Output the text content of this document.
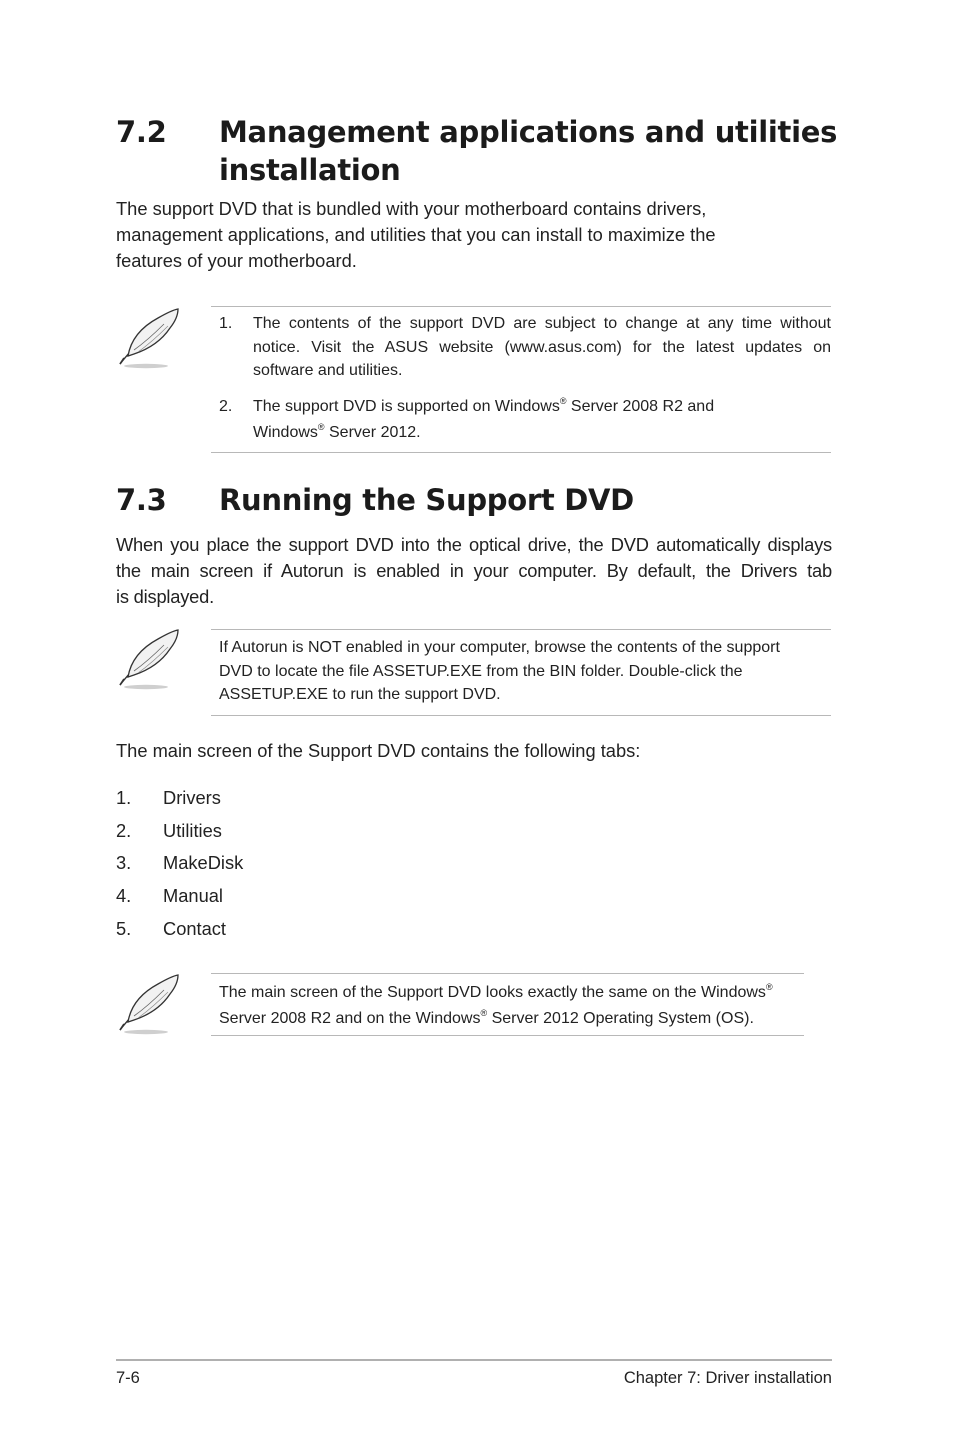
7.2 Management applications and utilities
installation
The support DVD that is bundled with your motherboard contains drivers,
management applications, and utilities that you can install to maximize the
features of your motherboard.
1. The contents of the support DVD are subject to change at any time without
notice. Visit the ASUS website (www.asus.com) for the latest updates on
software and utilities.
2. The support DVD is supported on Windows® Server 2008 R2 and
Windows® Server 2012.
7.3 Running the Support DVD
When you place the support DVD into the optical drive, the DVD automatically displays
the main screen if Autorun is enabled in your computer. By default, the Drivers tab
is displayed.
If Autorun is NOT enabled in your computer, browse the contents of the support
DVD to locate the file ASSETUP.EXE from the BIN folder. Double-click the
ASSETUP.EXE to run the support DVD.
The main screen of the Support DVD contains the following tabs:
1. Drivers
2. Utilities
3. MakeDisk
4. Manual
5. Contact
The main screen of the Support DVD looks exactly the same on the Windows®
Server 2008 R2 and on the Windows® Server 2012 Operating System (OS).
7-6	Chapter 7: Driver installation
